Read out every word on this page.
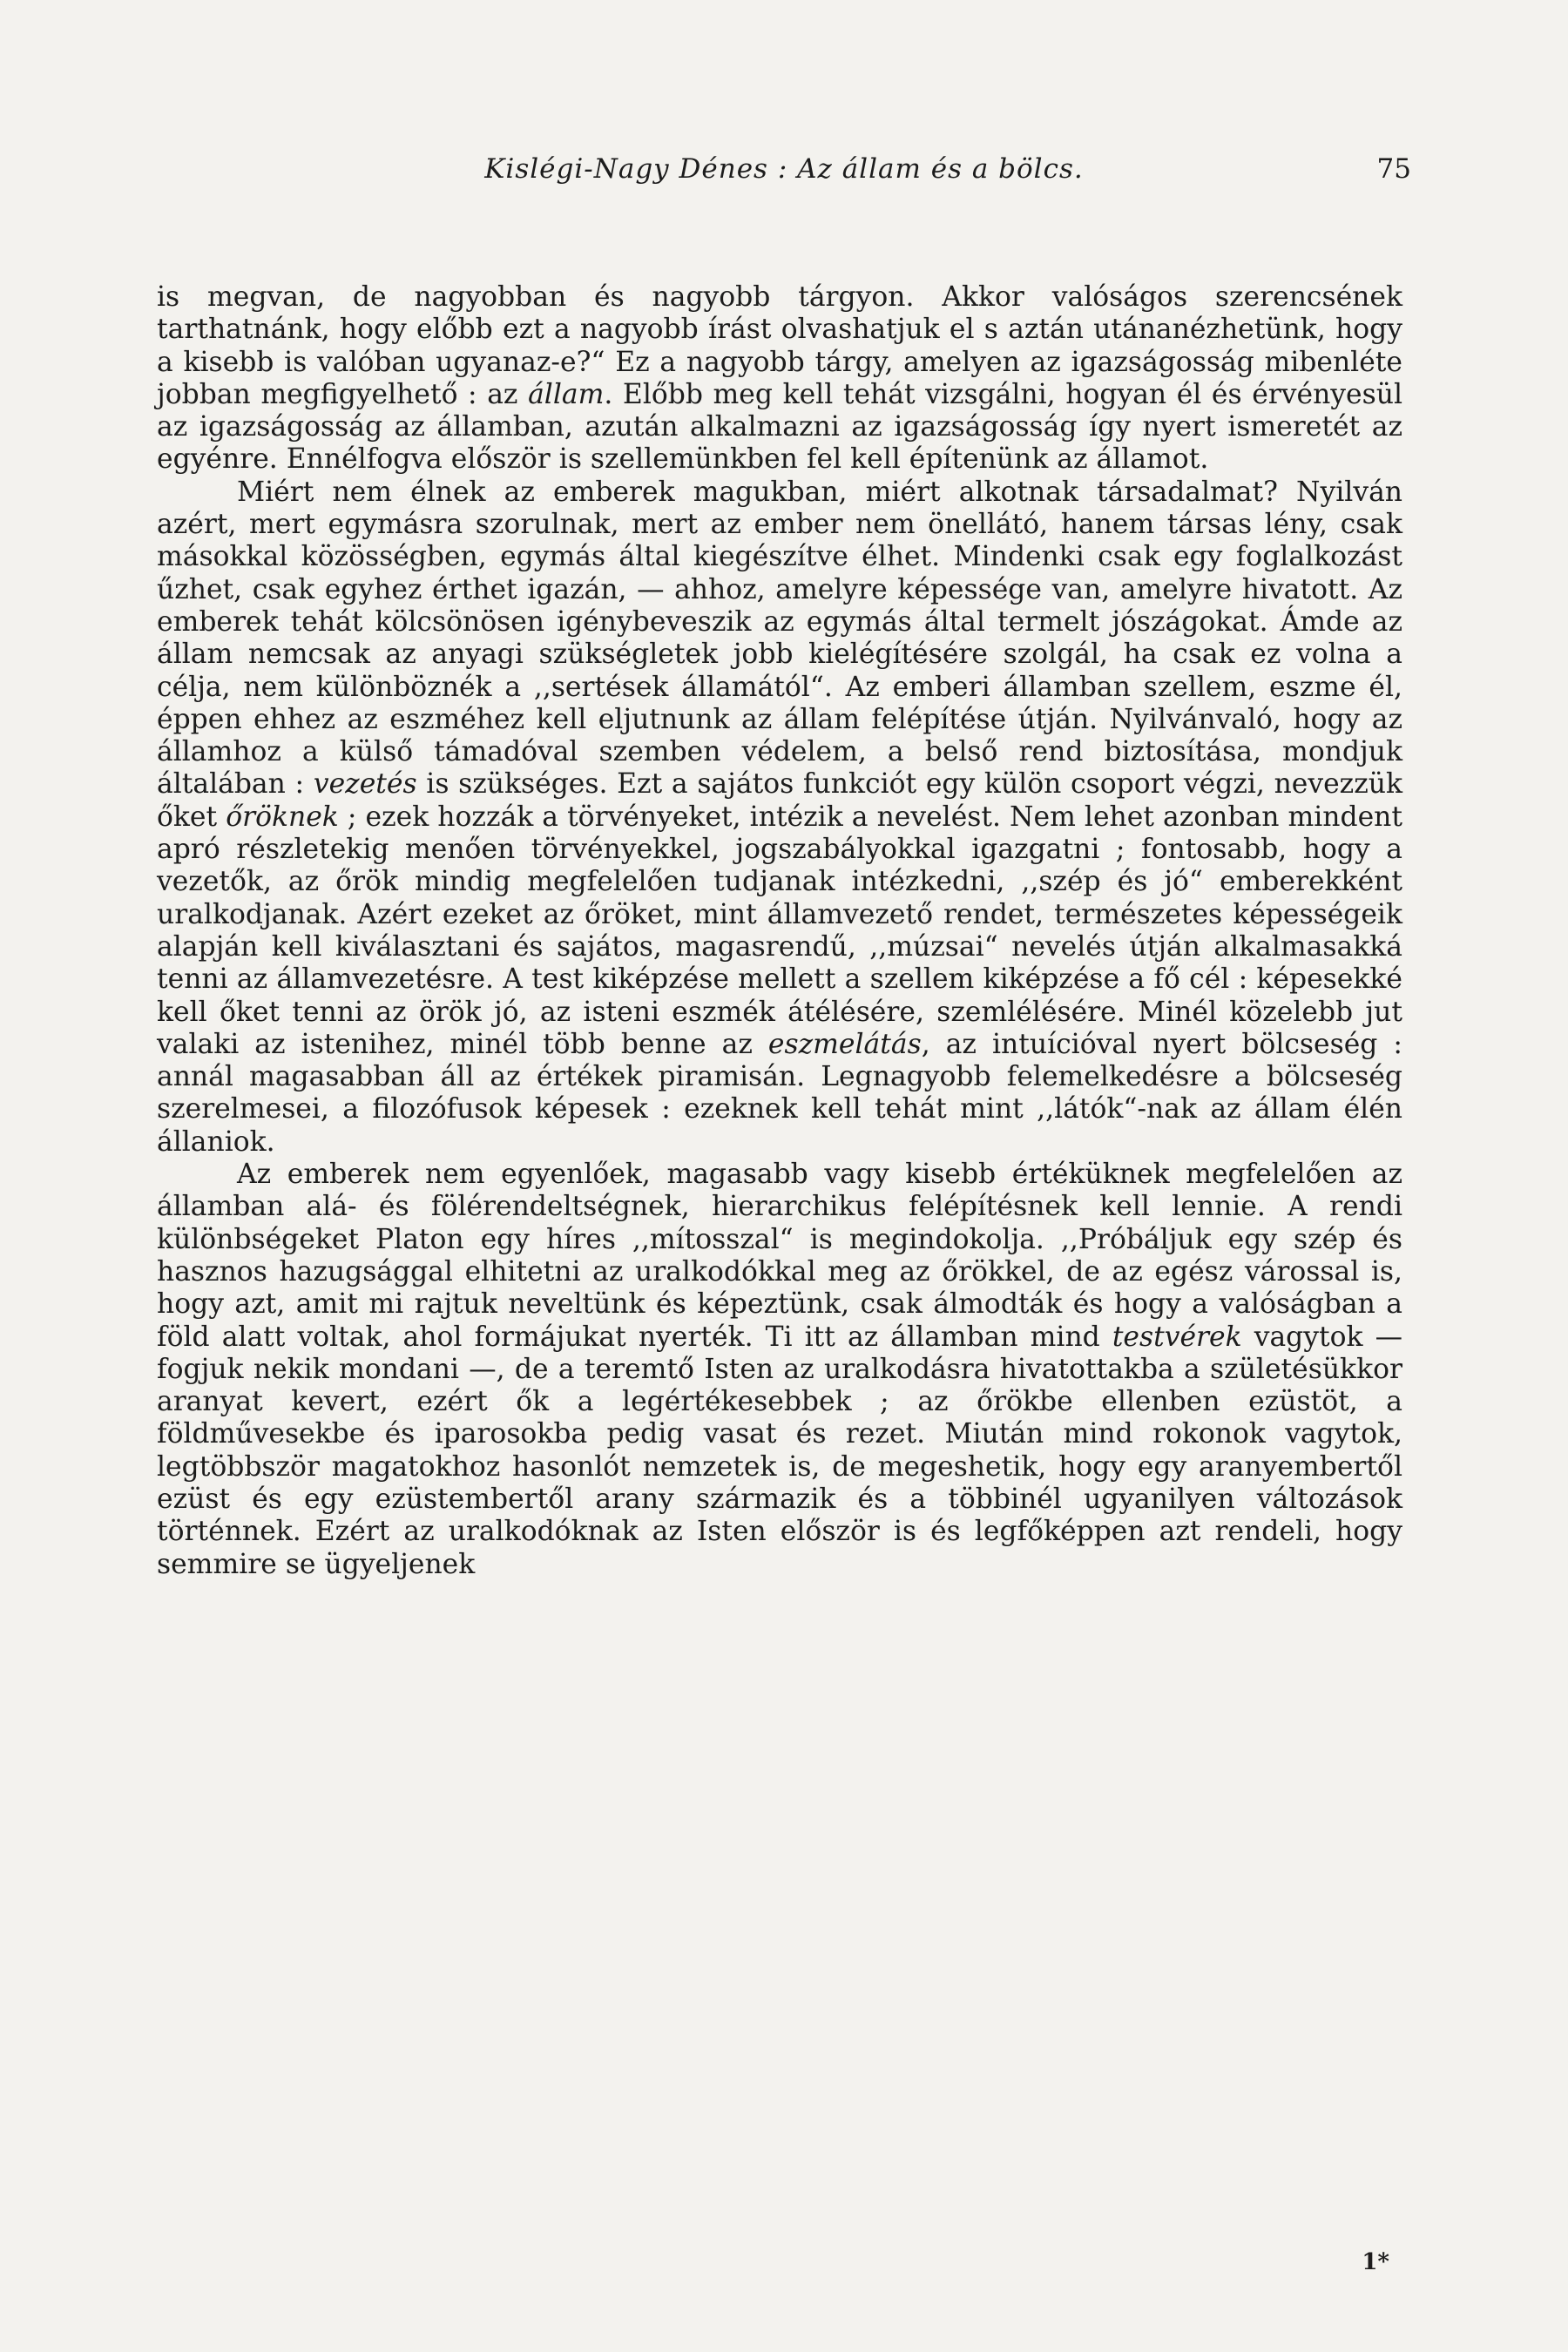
Kislégi-Nagy Dénes : Az állam és a bölcs.	75

is megvan, de nagyobban és nagyobb tárgyon. Akkor valóságos szerencsének tarthatnánk, hogy előbb ezt a nagyobb írást olvashatjuk el s aztán utánanézhetünk, hogy a kisebb is valóban ugyanaz-e?“ Ez a nagyobb tárgy, amelyen az igazságosság mibenléte jobban megfigyelhető : az állam. Előbb meg kell tehát vizsgálni, hogyan él és érvényesül az igazságosság az államban, azután alkalmazni az igazságosság így nyert ismeretét az egyénre. Ennélfogva először is szellemünkben fel kell építenünk az államot.

Miért nem élnek az emberek magukban, miért alkotnak társadalmat? Nyilván azért, mert egymásra szorulnak, mert az ember nem önellátó, hanem társas lény, csak másokkal közösségben, egymás által kiegészítve élhet. Mindenki csak egy foglalkozást űzhet, csak egyhez érthet igazán, — ahhoz, amelyre képessége van, amelyre hivatott. Az emberek tehát kölcsönösen igénybeveszik az egymás által termelt jószágokat. Ámde az állam nemcsak az anyagi szükségletek jobb kielégítésére szolgál, ha csak ez volna a célja, nem különböznék a ,,sertések államától“. Az emberi államban szellem, eszme él, éppen ehhez az eszméhez kell eljutnunk az állam felépítése útján. Nyilvánvaló, hogy az államhoz a külső támadóval szemben védelem, a belső rend biztosítása, mondjuk általában : vezetés is szükséges. Ezt a sajátos funkciót egy külön csoport végzi, nevezzük őket őröknek ; ezek hozzák a törvényeket, intézik a nevelést. Nem lehet azonban mindent apró részletekig menően törvényekkel, jogszabályokkal igazgatni ; fontosabb, hogy a vezetők, az őrök mindig megfelelően tudjanak intézkedni, ,,szép és jó“ emberekként uralkodjanak. Azért ezeket az őröket, mint államvezető rendet, természetes képességeik alapján kell kiválasztani és sajátos, magasrendű, ,,múzsai“ nevelés útján alkalmasakká tenni az államvezetésre. A test kiképzése mellett a szellem kiképzése a fő cél : képesekké kell őket tenni az örök jó, az isteni eszmék átélésére, szemlélésére. Minél közelebb jut valaki az istenihez, minél több benne az eszmelátás, az intuícióval nyert bölcseség : annál magasabban áll az értékek piramisán. Legnagyobb felemelkedésre a bölcseség szerelmesei, a filozófusok képesek : ezeknek kell tehát mint ,,látók“-nak az állam élén állaniok.

Az emberek nem egyenlőek, magasabb vagy kisebb értéküknek megfelelően az államban alá- és fölérendeltségnek, hierarchikus felépítésnek kell lennie. A rendi különbségeket Platon egy híres ,,mítosszal“ is megindokolja. ,,Próbáljuk egy szép és hasznos hazugsággal elhitetni az uralkodókkal meg az őrökkel, de az egész várossal is, hogy azt, amit mi rajtuk neveltünk és képeztünk, csak álmodták és hogy a valóságban a föld alatt voltak, ahol formájukat nyerték. Ti itt az államban mind testvérek vagytok — fogjuk nekik mondani —, de a teremtő Isten az uralkodásra hivatottakba a születésükkor aranyat kevert, ezért ők a legértékesebbek ; az őrökbe ellenben ezüstöt, a földművesekbe és iparosokba pedig vasat és rezet. Miután mind rokonok vagytok, legtöbbször magatokhoz hasonlót nemzetek is, de megeshetik, hogy egy aranyembertől ezüst és egy ezüstembertől arany származik és a többinél ugyanilyen változások történnek. Ezért az uralkodóknak az Isten először is és legfőképpen azt rendeli, hogy semmire se ügyeljenek

1*
